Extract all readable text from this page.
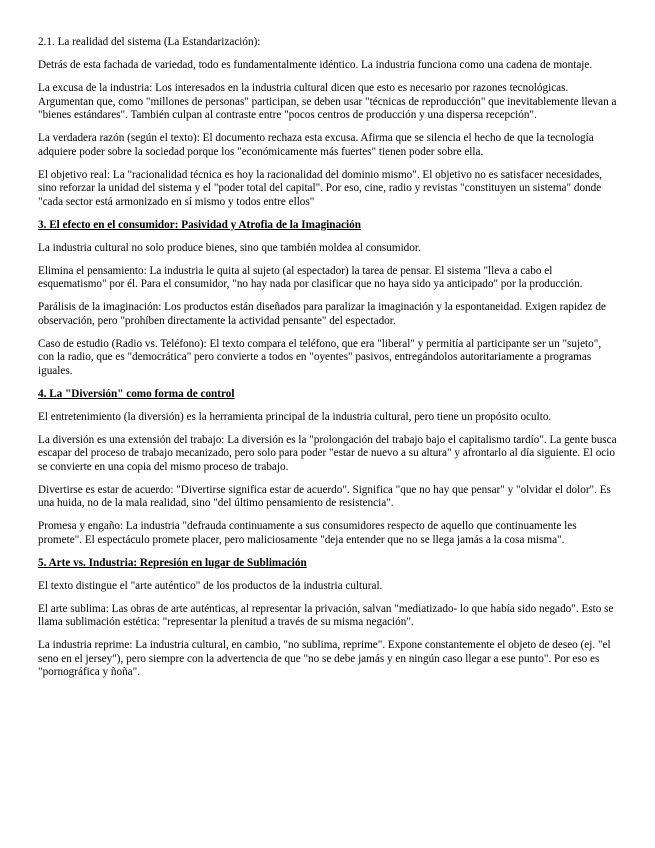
2.1. La realidad del sistema (La Estandarización):

Detrás de esta fachada de variedad, todo es fundamentalmente idéntico. La industria funciona como una cadena de montaje.

La excusa de la industria: Los interesados en la industria cultural dicen que esto es necesario por razones tecnológicas. Argumentan que, como "millones de personas" participan, se deben usar "técnicas de reproducción" que inevitablemente llevan a "bienes estándares". También culpan al contraste entre "pocos centros de producción y una dispersa recepción".

La verdadera razón (según el texto): El documento rechaza esta excusa. Afirma que se silencia el hecho de que la tecnología adquiere poder sobre la sociedad porque los "económicamente más fuertes" tienen poder sobre ella.

El objetivo real: La "racionalidad técnica es hoy la racionalidad del dominio mismo". El objetivo no es satisfacer necesidades, sino reforzar la unidad del sistema y el "poder total del capital". Por eso, cine, radio y revistas "constituyen un sistema" donde "cada sector está armonizado en sí mismo y todos entre ellos"

3. El efecto en el consumidor: Pasividad y Atrofia de la Imaginación

La industria cultural no solo produce bienes, sino que también moldea al consumidor.

Elimina el pensamiento: La industria le quita al sujeto (al espectador) la tarea de pensar. El sistema "lleva a cabo el esquematismo" por él. Para el consumidor, "no hay nada por clasificar que no haya sido ya anticipado" por la producción.

Parálisis de la imaginación: Los productos están diseñados para paralizar la imaginación y la espontaneidad. Exigen rapidez de observación, pero "prohíben directamente la actividad pensante" del espectador.

Caso de estudio (Radio vs. Teléfono): El texto compara el teléfono, que era "liberal" y permitía al participante ser un "sujeto", con la radio, que es "democrática" pero convierte a todos en "oyentes" pasivos, entregándolos autoritariamente a programas iguales.

4. La "Diversión" como forma de control

El entretenimiento (la diversión) es la herramienta principal de la industria cultural, pero tiene un propósito oculto.

La diversión es una extensión del trabajo: La diversión es la "prolongación del trabajo bajo el capitalismo tardío". La gente busca escapar del proceso de trabajo mecanizado, pero solo para poder "estar de nuevo a su altura" y afrontarlo al día siguiente. El ocio se convierte en una copia del mismo proceso de trabajo.

Divertirse es estar de acuerdo: "Divertirse significa estar de acuerdo". Significa "que no hay que pensar" y "olvidar el dolor". Es una huida, no de la mala realidad, sino "del último pensamiento de resistencia".

Promesa y engaño: La industria "defrauda continuamente a sus consumidores respecto de aquello que continuamente les promete". El espectáculo promete placer, pero maliciosamente "deja entender que no se llega jamás a la cosa misma".

5. Arte vs. Industria: Represión en lugar de Sublimación

El texto distingue el "arte auténtico" de los productos de la industria cultural.

El arte sublima: Las obras de arte auténticas, al representar la privación, salvan "mediatizado- lo que había sido negado". Esto se llama sublimación estética: "representar la plenitud a través de su misma negación".

La industria reprime: La industria cultural, en cambio, "no sublima, reprime". Expone constantemente el objeto de deseo (ej. "el seno en el jersey"), pero siempre con la advertencia de que "no se debe jamás y en ningún caso llegar a ese punto". Por eso es "pornográfica y ñoña".
